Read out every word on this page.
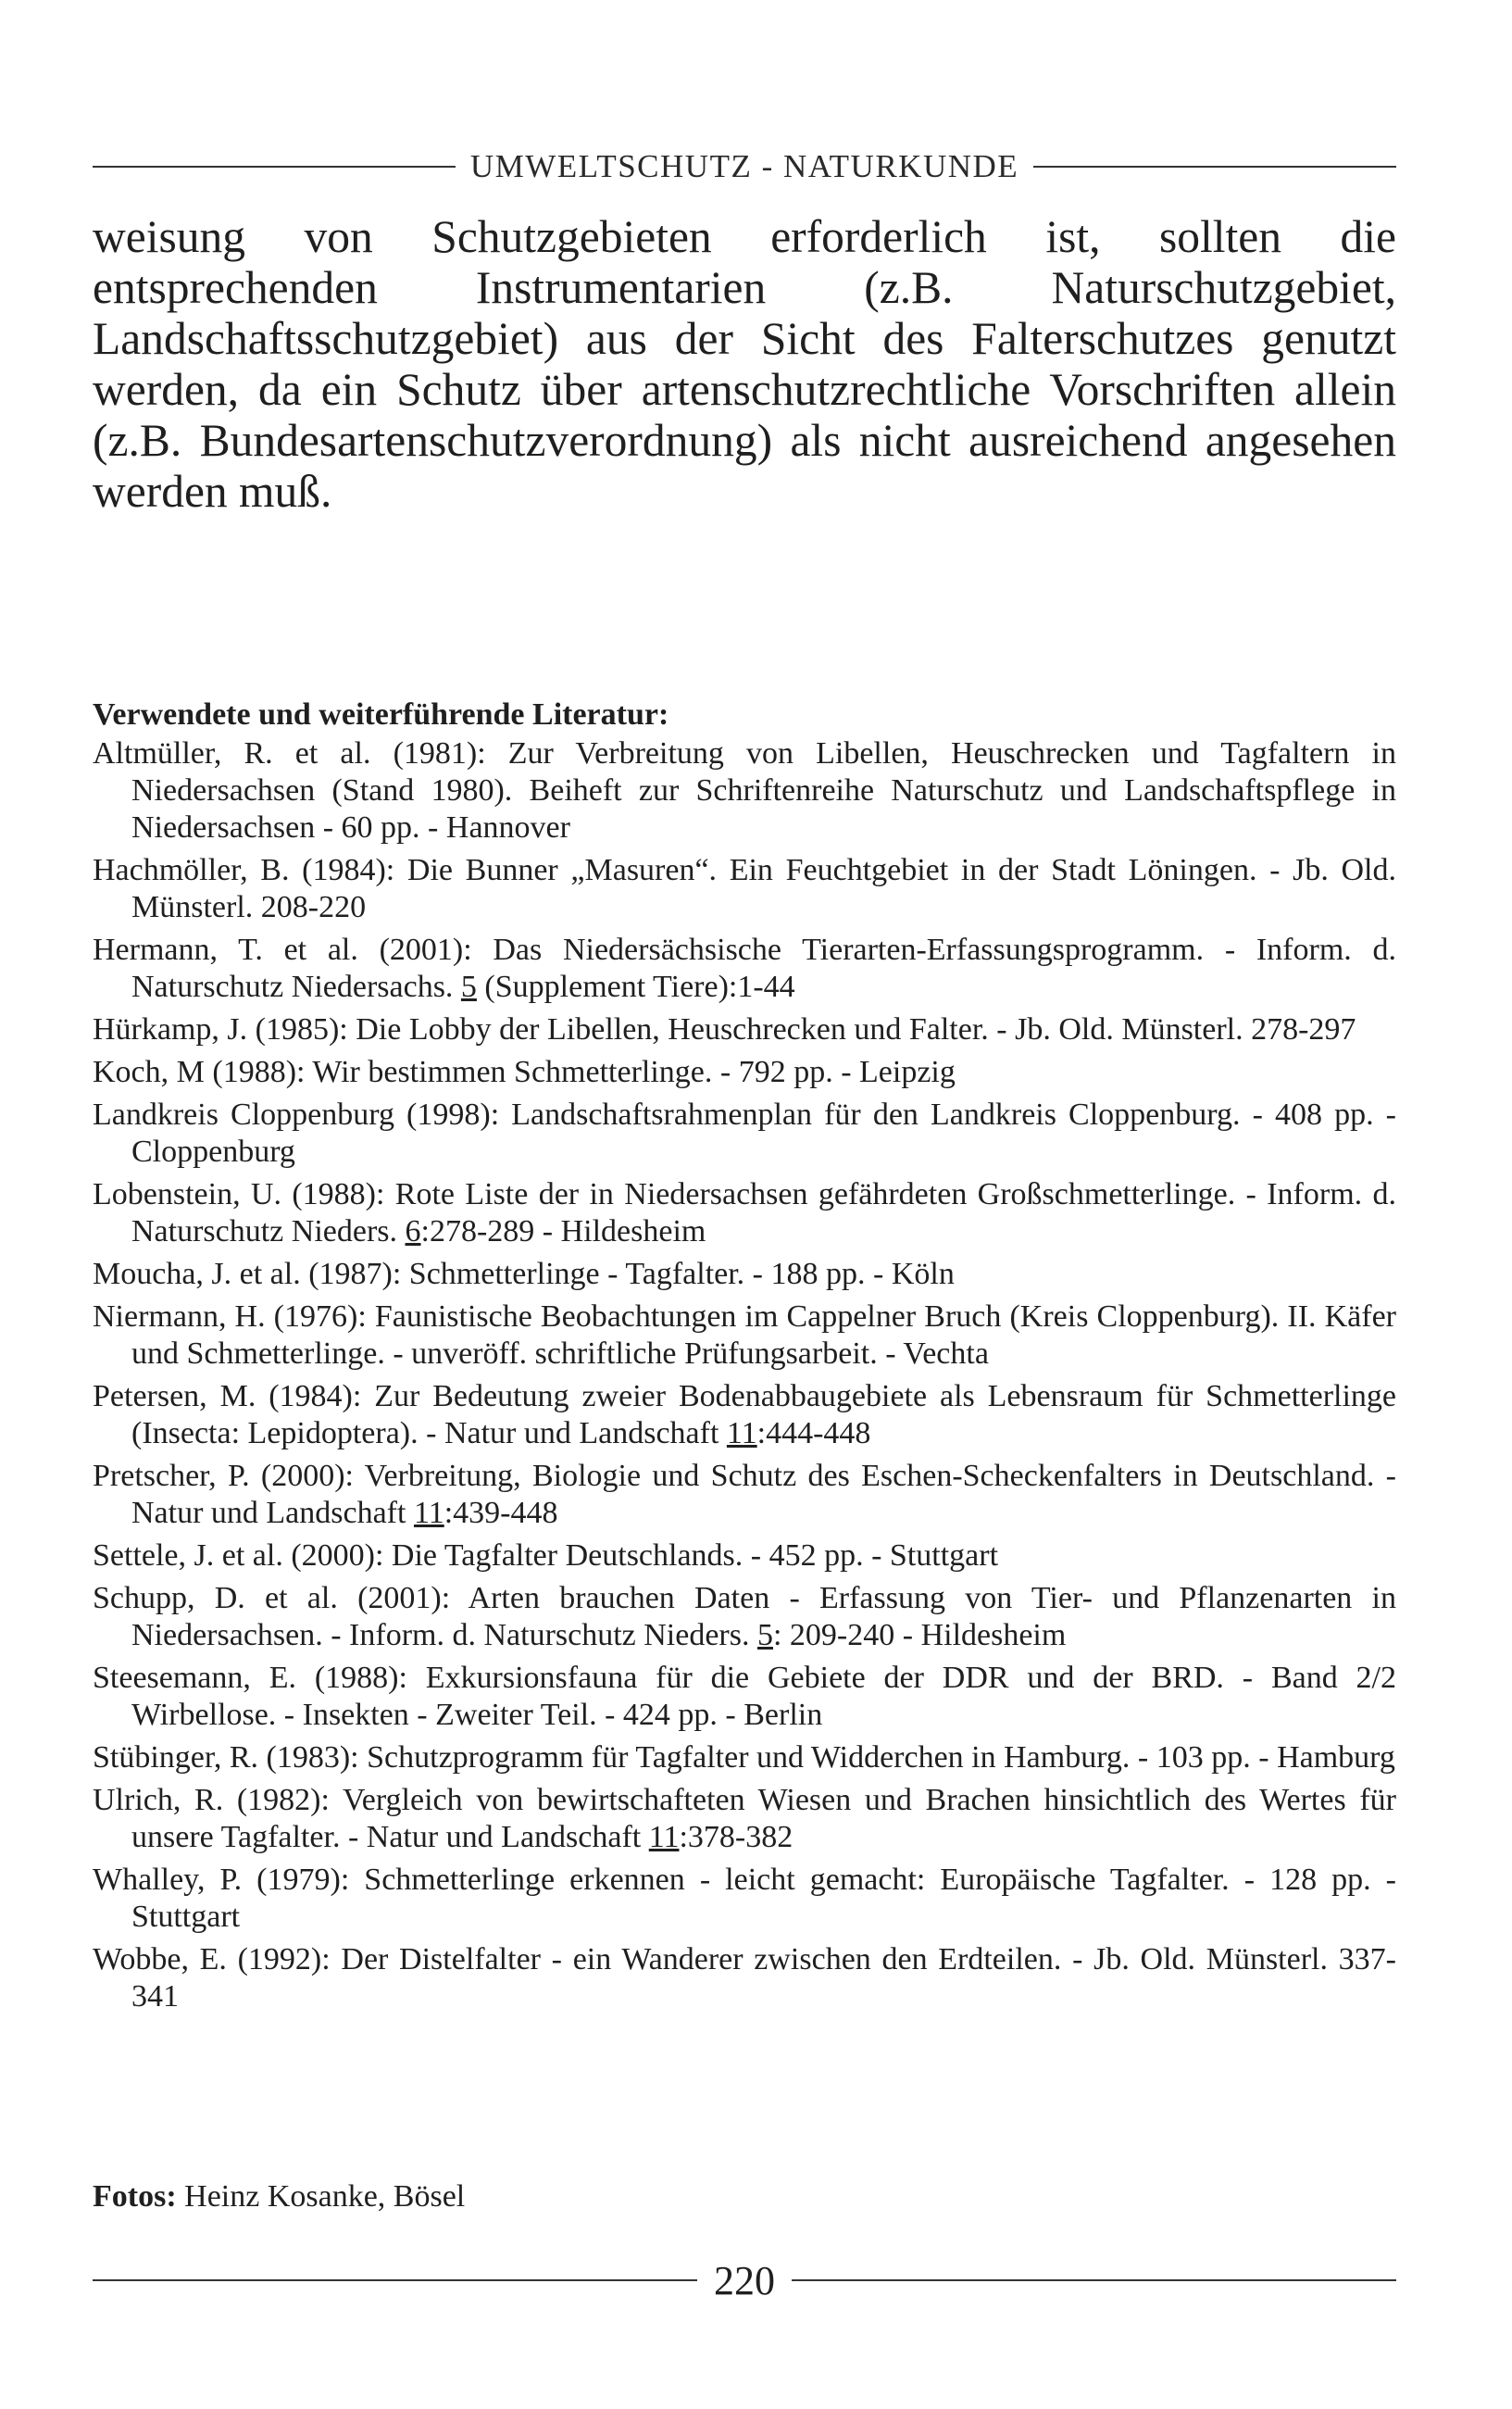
UMWELTSCHUTZ - NATURKUNDE

weisung von Schutzgebieten erforderlich ist, sollten die entsprechenden Instrumentarien (z.B. Naturschutzgebiet, Landschaftsschutzgebiet) aus der Sicht des Falterschutzes genutzt werden, da ein Schutz über artenschutzrechtliche Vorschriften allein (z.B. Bundesartenschutzverordnung) als nicht ausreichend angesehen werden muß.

Verwendete und weiterführende Literatur:

Altmüller, R. et al. (1981): Zur Verbreitung von Libellen, Heuschrecken und Tagfaltern in Niedersachsen (Stand 1980). Beiheft zur Schriftenreihe Naturschutz und Landschaftspflege in Niedersachsen - 60 pp. - Hannover

Hachmöller, B. (1984): Die Bunner „Masuren“. Ein Feuchtgebiet in der Stadt Löningen. - Jb. Old. Münsterl. 208-220

Hermann, T. et al. (2001): Das Niedersächsische Tierarten-Erfassungsprogramm. - Inform. d. Naturschutz Niedersachs. 5 (Supplement Tiere):1-44

Hürkamp, J. (1985): Die Lobby der Libellen, Heuschrecken und Falter. - Jb. Old. Münsterl. 278-297

Koch, M (1988): Wir bestimmen Schmetterlinge. - 792 pp. - Leipzig

Landkreis Cloppenburg (1998): Landschaftsrahmenplan für den Landkreis Cloppenburg. - 408 pp. - Cloppenburg

Lobenstein, U. (1988): Rote Liste der in Niedersachsen gefährdeten Großschmetterlinge. - Inform. d. Naturschutz Nieders. 6:278-289 - Hildesheim

Moucha, J. et al. (1987): Schmetterlinge - Tagfalter. - 188 pp. - Köln

Niermann, H. (1976): Faunistische Beobachtungen im Cappelner Bruch (Kreis Cloppenburg). II. Käfer und Schmetterlinge. - unveröff. schriftliche Prüfungsarbeit. - Vechta

Petersen, M. (1984): Zur Bedeutung zweier Bodenabbaugebiete als Lebensraum für Schmetterlinge (Insecta: Lepidoptera). - Natur und Landschaft 11:444-448

Pretscher, P. (2000): Verbreitung, Biologie und Schutz des Eschen-Scheckenfalters in Deutschland. - Natur und Landschaft 11:439-448

Settele, J. et al. (2000): Die Tagfalter Deutschlands. - 452 pp. - Stuttgart

Schupp, D. et al. (2001): Arten brauchen Daten - Erfassung von Tier- und Pflanzenarten in Niedersachsen. - Inform. d. Naturschutz Nieders. 5: 209-240 - Hildesheim

Steesemann, E. (1988): Exkursionsfauna für die Gebiete der DDR und der BRD. - Band 2/2 Wirbellose. - Insekten - Zweiter Teil. - 424 pp. - Berlin

Stübinger, R. (1983): Schutzprogramm für Tagfalter und Widderchen in Hamburg. - 103 pp. - Hamburg

Ulrich, R. (1982): Vergleich von bewirtschafteten Wiesen und Brachen hinsichtlich des Wertes für unsere Tagfalter. - Natur und Landschaft 11:378-382

Whalley, P. (1979): Schmetterlinge erkennen - leicht gemacht: Europäische Tagfalter. - 128 pp. - Stuttgart

Wobbe, E. (1992): Der Distelfalter - ein Wanderer zwischen den Erdteilen. - Jb. Old. Münsterl. 337-341

Fotos: Heinz Kosanke, Bösel
220
